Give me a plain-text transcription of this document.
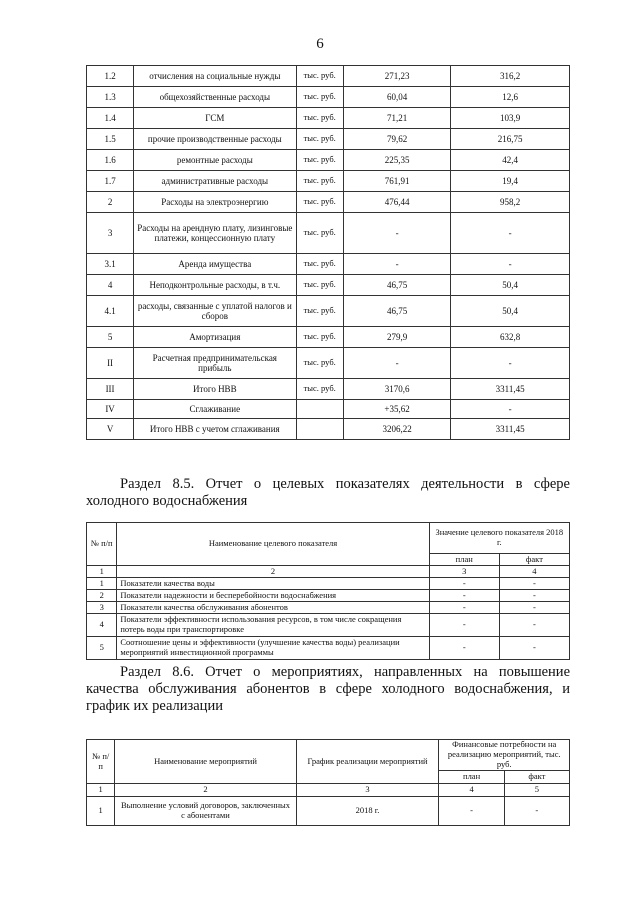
6
1.2	отчисления на социальные нужды	тыс. руб.	271,23	316,2
1.3	общехозяйственные расходы	тыс. руб.	60,04	12,6
1.4	ГСМ	тыс. руб.	71,21	103,9
1.5	прочие производственные расходы	тыс. руб.	79,62	216,75
1.6	ремонтные расходы	тыс. руб.	225,35	42,4
1.7	административные расходы	тыс. руб.	761,91	19,4
2	Расходы на электроэнергию	тыс. руб.	476,44	958,2
3	Расходы на арендную плату, лизинговые платежи, концессионную плату	тыс. руб.	-	-
3.1	Аренда имущества	тыс. руб.	-	-
4	Неподконтрольные расходы, в т.ч.	тыс. руб.	46,75	50,4
4.1	расходы, связанные с уплатой налогов и сборов	тыс. руб.	46,75	50,4
5	Амортизация	тыс. руб.	279,9	632,8
II	Расчетная предпринимательская прибыль	тыс. руб.	-	-
III	Итого НВВ	тыс. руб.	3170,6	3311,45
IV	Сглаживание		+35,62	-
V	Итого НВВ с учетом сглаживания		3206,22	3311,45
Раздел 8.5. Отчет о целевых показателях деятельности в сфере холодного водоснабжения
№ п/п	Наименование целевого показателя	Значение целевого показателя 2018 г.	
		план	факт
1	2	3	4
1	Показатели качества воды	-	-
2	Показатели надежности и бесперебойности водоснабжения	-	-
3	Показатели качества обслуживания абонентов	-	-
4	Показатели эффективности использования ресурсов, в том числе сокращения потерь воды при транспортировке	-	-
5	Соотношение цены и эффективности (улучшение качества воды) реализации мероприятий инвестиционной программы	-	-
Раздел 8.6. Отчет о мероприятиях, направленных на повышение качества обслуживания абонентов в сфере холодного водоснабжения, и график их реализации
№ п/п	Наименование мероприятий	График реализации мероприятий	Финансовые потребности на реализацию мероприятий, тыс. руб.	
			план	факт
1	2	3	4	5
1	Выполнение условий договоров, заключенных с абонентами	2018 г.	-	-
